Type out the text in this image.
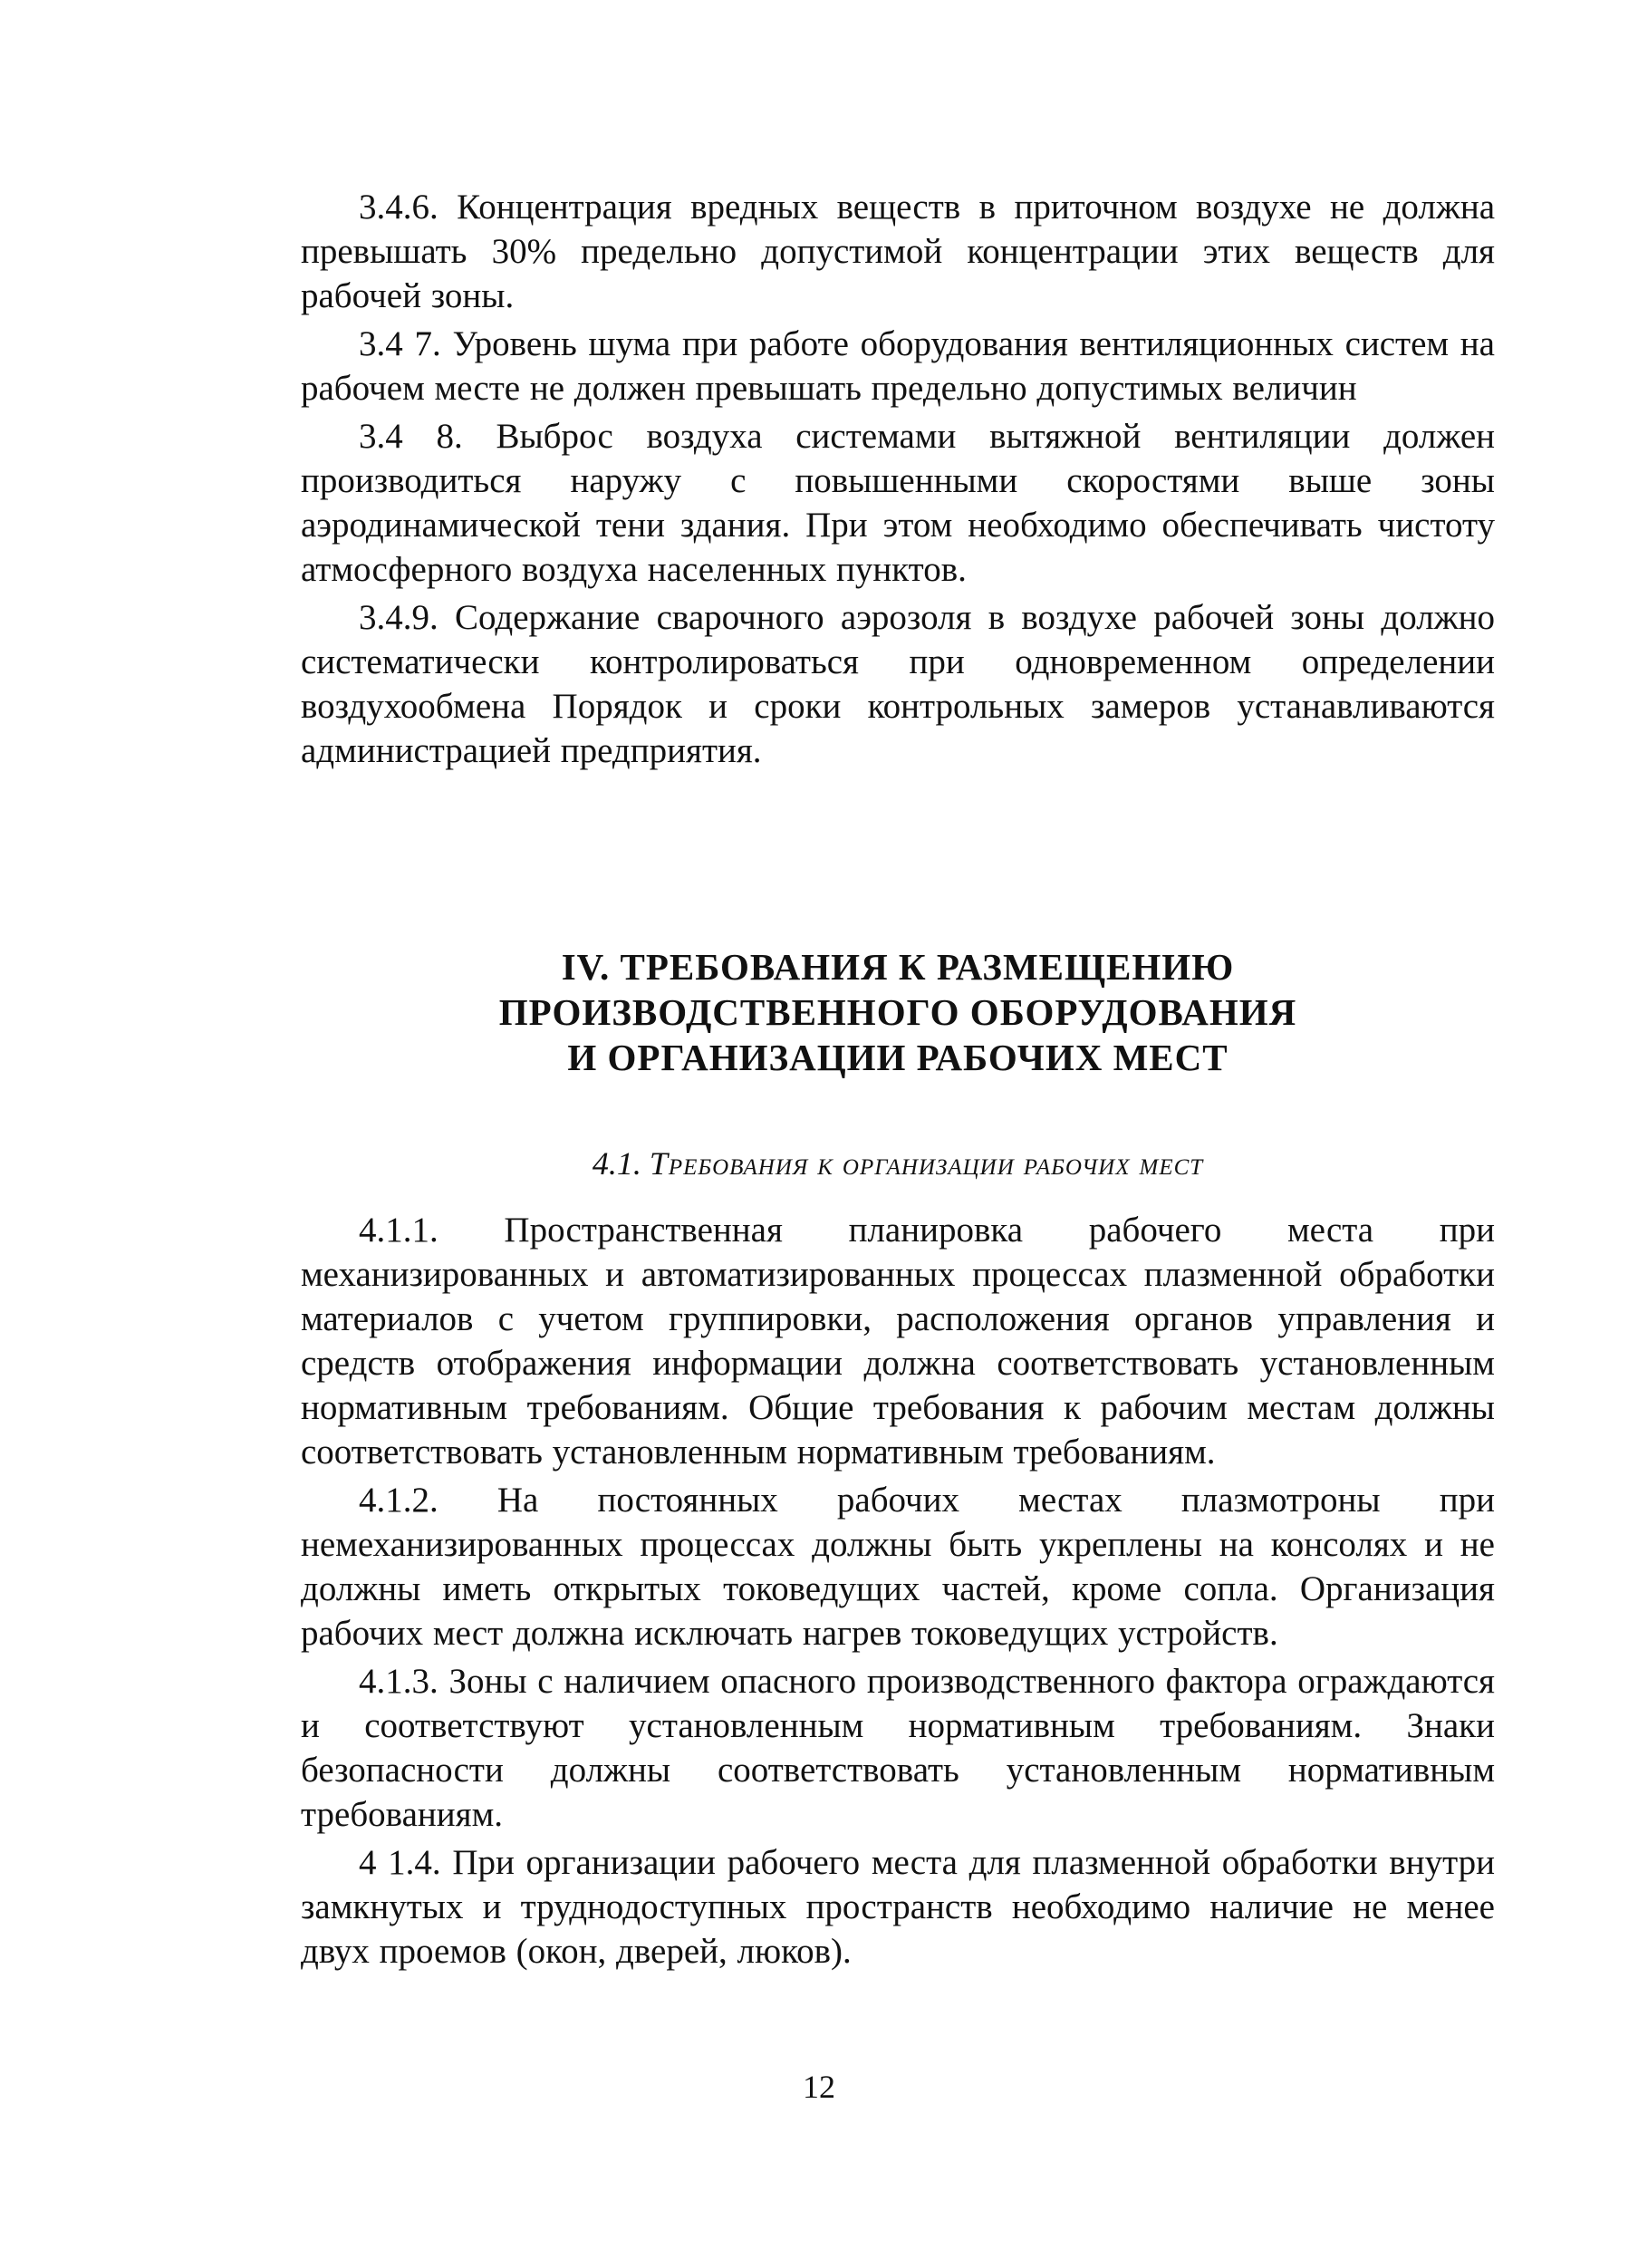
3.4.6. Концентрация вредных веществ в приточном воздухе не должна превышать 30% предельно допустимой концентрации этих веществ для рабочей зоны.

3.4 7. Уровень шума при работе оборудования вентиляционных систем на рабочем месте не должен превышать предельно допустимых величин

3.4 8. Выброс воздуха системами вытяжной вентиляции должен производиться наружу с повышенными скоростями выше зоны аэродинамической тени здания. При этом необходимо обеспечивать чистоту атмосферного воздуха населенных пунктов.

3.4.9. Содержание сварочного аэрозоля в воздухе рабочей зоны должно систематически контролироваться при одновременном определении воздухообмена Порядок и сроки контрольных замеров устанавливаются администрацией предприятия.

IV. ТРЕБОВАНИЯ К РАЗМЕЩЕНИЮ
ПРОИЗВОДСТВЕННОГО ОБОРУДОВАНИЯ
И ОРГАНИЗАЦИИ РАБОЧИХ МЕСТ
4.1. Требования к организации рабочих мест

4.1.1. Пространственная планировка рабочего места при механизированных и автоматизированных процессах плазменной обработки материалов с учетом группировки, расположения органов управления и средств отображения информации должна соответствовать установленным нормативным требованиям. Общие требования к рабочим местам должны соответствовать установленным нормативным требованиям.

4.1.2. На постоянных рабочих местах плазмотроны при немеханизированных процессах должны быть укреплены на консолях и не должны иметь открытых токоведущих частей, кроме сопла. Организация рабочих мест должна исключать нагрев токоведущих устройств.

4.1.3. Зоны с наличием опасного производственного фактора ограждаются и соответствуют установленным нормативным требованиям. Знаки безопасности должны соответствовать установленным нормативным требованиям.

4 1.4. При организации рабочего места для плазменной обработки внутри замкнутых и труднодоступных пространств необходимо наличие не менее двух проемов (окон, дверей, люков).

12
